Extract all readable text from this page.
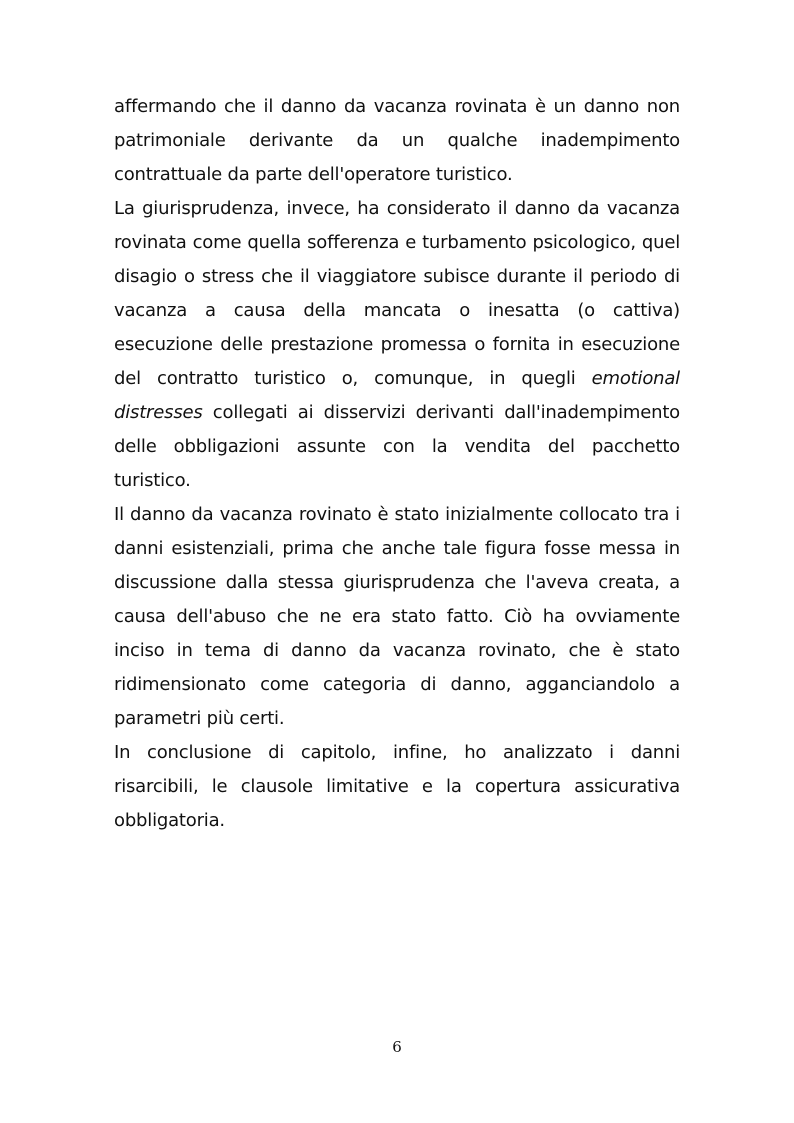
affermando che il danno da vacanza rovinata è un danno non patrimoniale derivante da un qualche inadempimento contrattuale da parte dell'operatore turistico.

La giurisprudenza, invece, ha considerato il danno da vacanza rovinata come quella sofferenza e turbamento psicologico, quel disagio o stress che il viaggiatore subisce durante il periodo di vacanza a causa della mancata o inesatta (o cattiva) esecuzione delle prestazione promessa o fornita in esecuzione del contratto turistico o, comunque, in quegli emotional distresses collegati ai disservizi derivanti dall'inadempimento delle obbligazioni assunte con la vendita del pacchetto turistico.

Il danno da vacanza rovinato è stato inizialmente collocato tra i danni esistenziali, prima che anche tale figura fosse messa in discussione dalla stessa giurisprudenza che l'aveva creata, a causa dell'abuso che ne era stato fatto. Ciò ha ovviamente inciso in tema di danno da vacanza rovinato, che è stato ridimensionato come categoria di danno, agganciandolo a parametri più certi.

In conclusione di capitolo, infine, ho analizzato i danni risarcibili, le clausole limitative e la copertura assicurativa obbligatoria.

6
